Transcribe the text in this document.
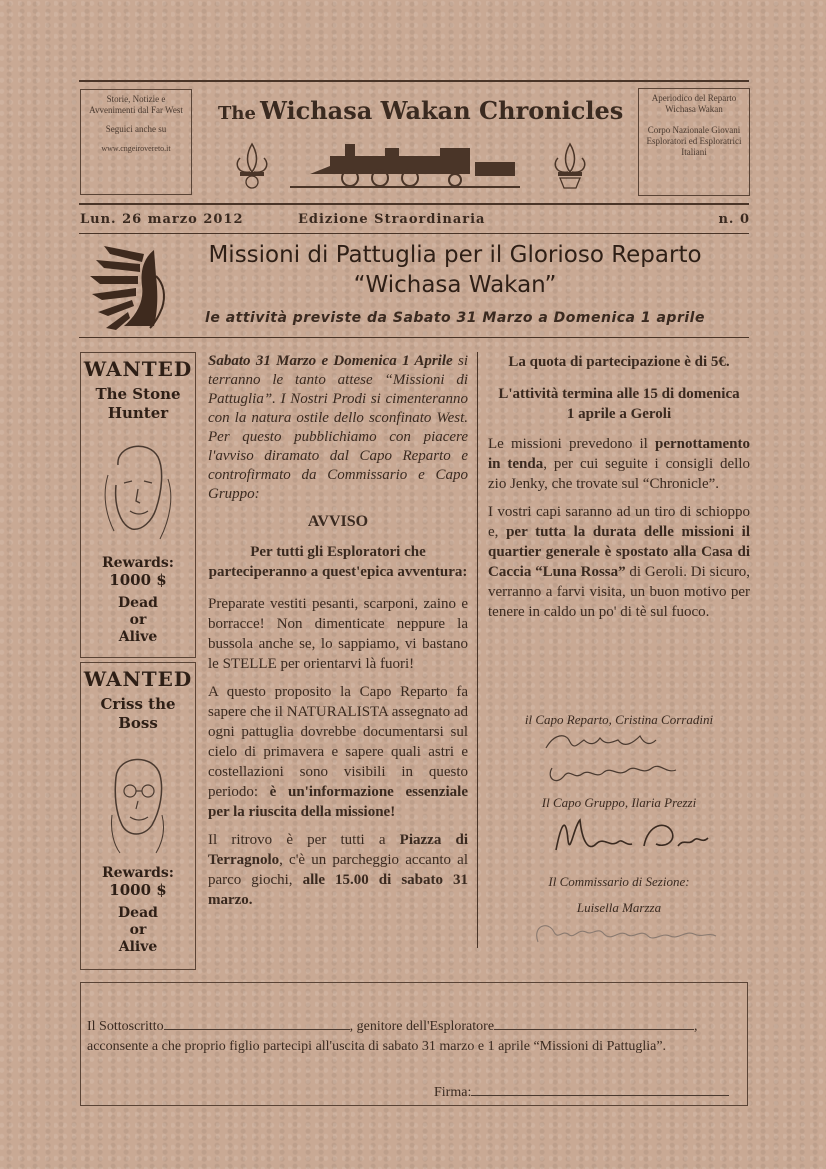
Storie, Notizie e Avvenimenti dal Far West
Seguici anche su
www.cngeirovereto.it
The Wichasa Wakan Chronicles	Aperiodico del Reparto Wichasa Wakan
Corpo Nazionale Giovani Esploratori ed Esploratrici Italiani
Lun. 26 marzo 2012	Edizione Straordinaria	n. 0
Missioni di Pattuglia per il Glorioso Reparto
“Wichasa Wakan”
le attività previste da Sabato 31 Marzo a Domenica 1 aprile
WANTED
The Stone Hunter
Rewards:
1000 $
Dead or Alive
WANTED
Criss the Boss
Rewards:
1000 $
Dead or Alive

Sabato 31 Marzo e Domenica 1 Aprile si terranno le tanto attese “Missioni di Pattuglia”. I Nostri Prodi si cimenteranno con la natura ostile dello sconfinato West. Per questo pubblichiamo con piacere l'avviso diramato dal Capo Reparto e controfirmato da Commissario e Capo Gruppo:

AVVISO
Per tutti gli Esploratori che parteciperanno a quest'epica avventura:

Preparate vestiti pesanti, scarponi, zaino e borracce! Non dimenticate neppure la bussola anche se, lo sappiamo, vi bastano le STELLE per orientarvi là fuori!

A questo proposito la Capo Reparto fa sapere che il NATURALISTA assegnato ad ogni pattuglia dovrebbe documentarsi sul cielo di primavera e sapere quali astri e costellazioni sono visibili in questo periodo: è un'informazione essenziale per la riuscita della missione!

Il ritrovo è per tutti a Piazza di Terragnolo, c'è un parcheggio accanto al parco giochi, alle 15.00 di sabato 31 marzo.

La quota di partecipazione è di 5€.
L'attività termina alle 15 di domenica 1 aprile a Geroli

Le missioni prevedono il pernottamento in tenda, per cui seguite i consigli dello zio Jenky, che trovate sul “Chronicle”.

I vostri capi saranno ad un tiro di schioppo e, per tutta la durata delle missioni il quartier generale è spostato alla Casa di Caccia “Luna Rossa” di Geroli. Di sicuro, verranno a farvi visita, un buon motivo per tenere in caldo un po' di tè sul fuoco.

il Capo Reparto, Cristina Corradini
Il Capo Gruppo, Ilaria Prezzi
Il Commissario di Sezione:
Luisella Marzza
Il Sottoscritto	, genitore dell'Esploratore	,
acconsente a che proprio figlio partecipi all'uscita di sabato 31 marzo e 1 aprile “Missioni di Pattuglia”.
Firma:
